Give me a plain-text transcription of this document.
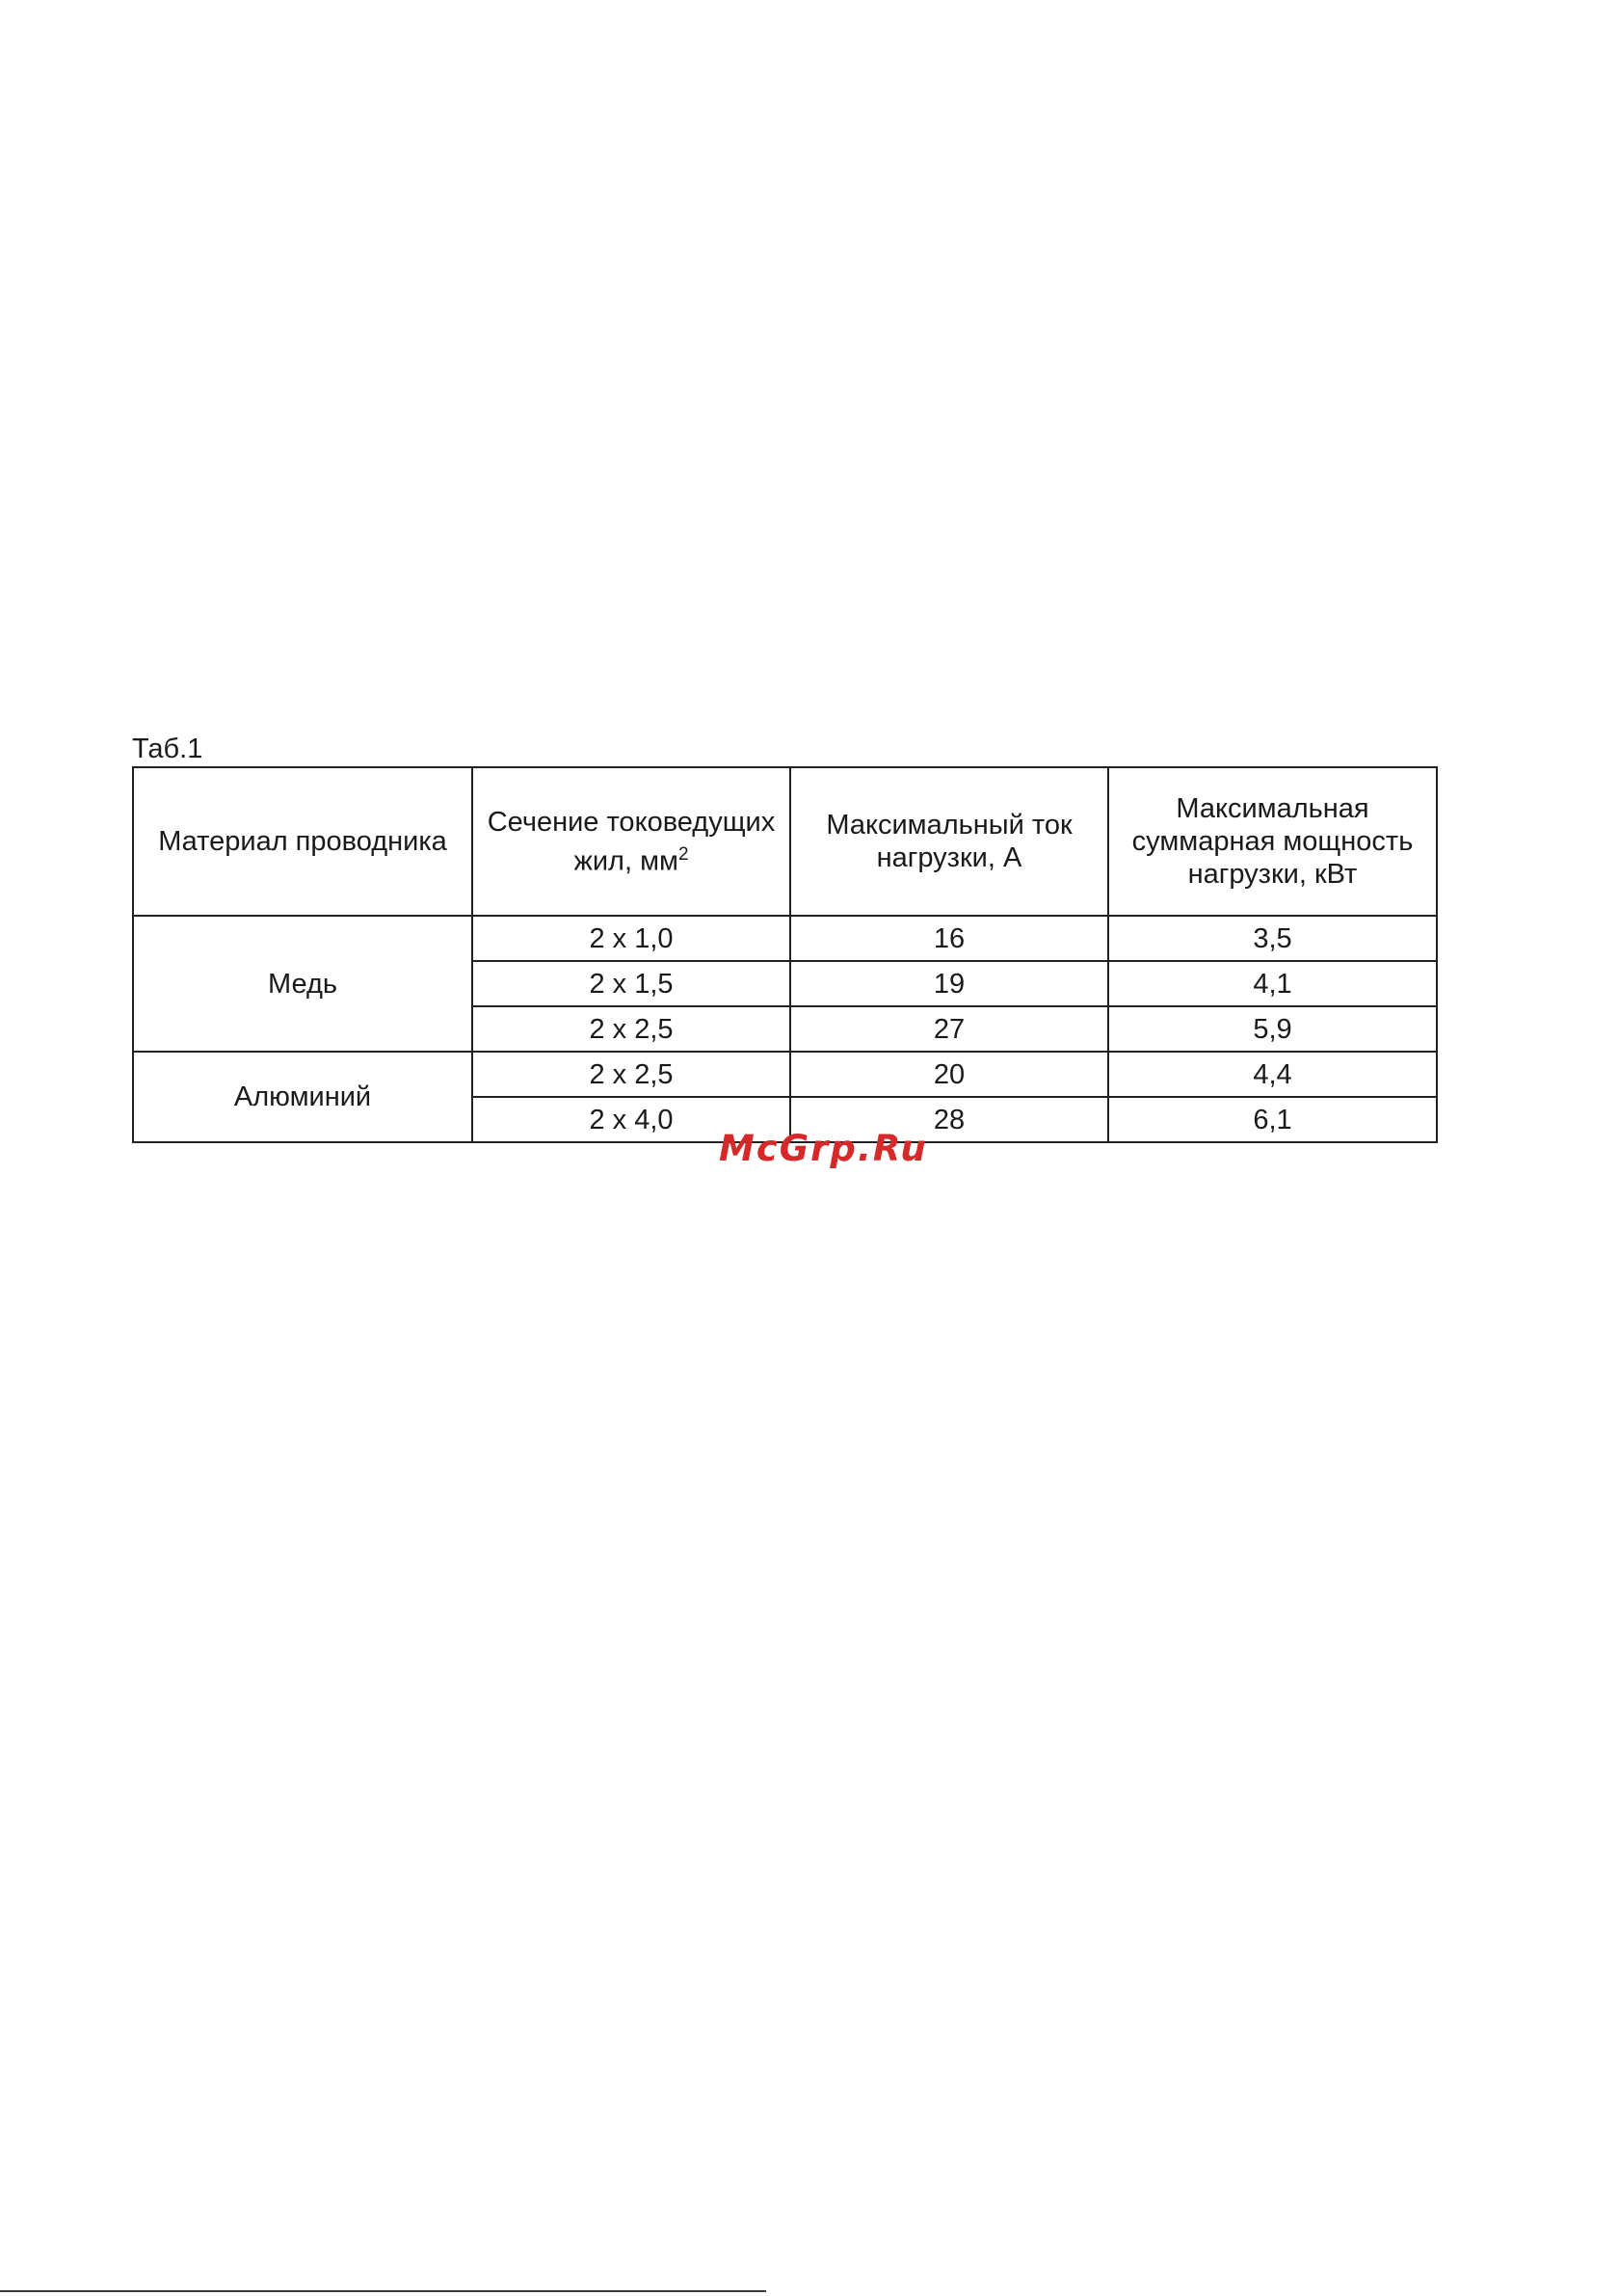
Таб.1
Материал проводника	Сечение токоведущих жил, $мм^2$	Максимальный ток нагрузки, А	Максимальная суммарная мощность нагрузки, кВт
Медь	2 x 1,0	16	3,5
	2 x 1,5	19	4,1
	2 x 2,5	27	5,9
Алюминий	2 x 2,5	20	4,4
	2 x 4,0	28	6,1
McGrp.Ru
